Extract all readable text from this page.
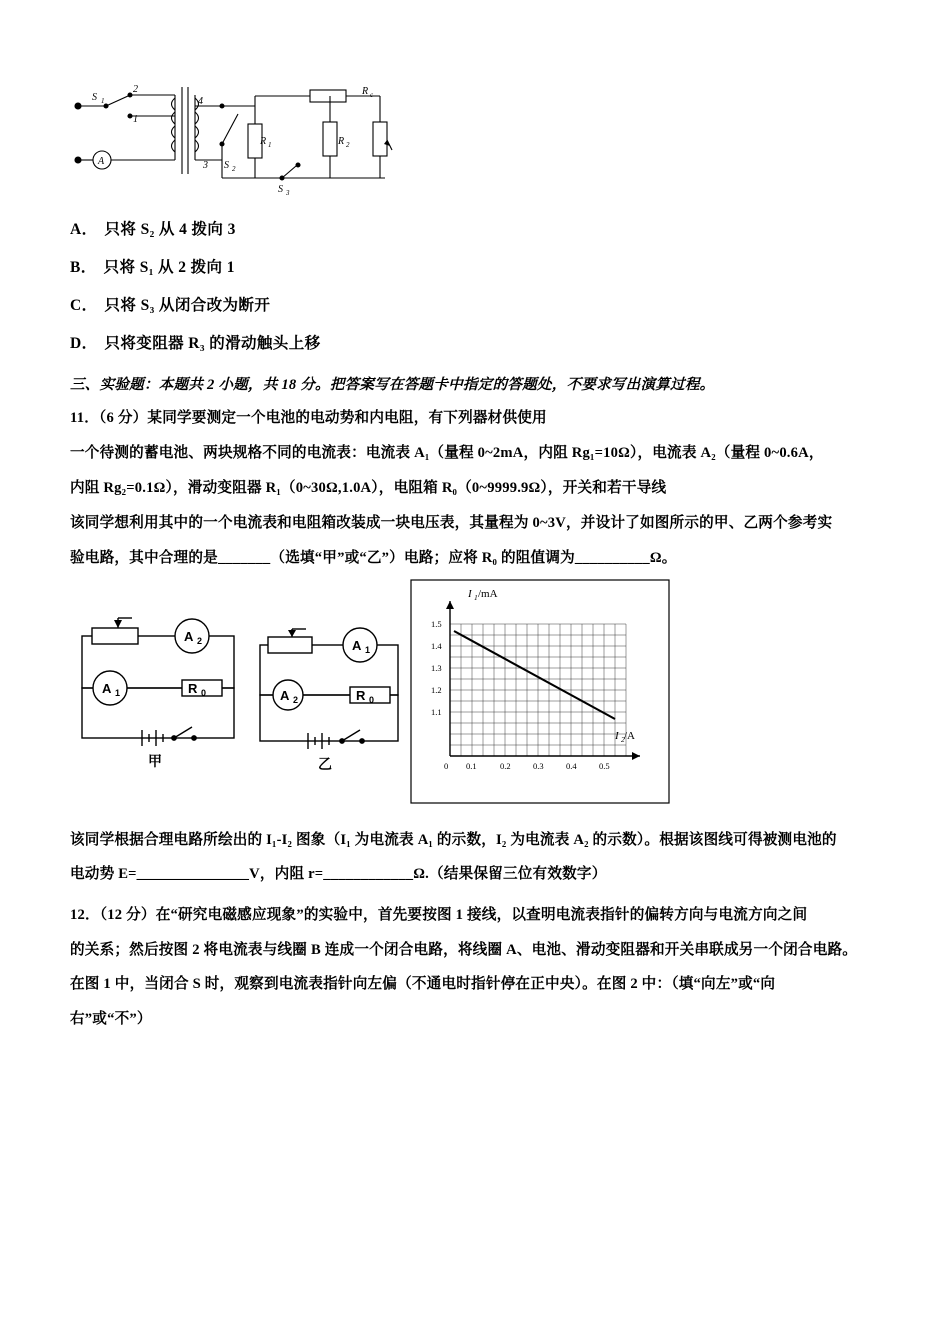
S 1
2
1
4
3 S 2
R 1	R 2
R c
S 3
A
A． 只将 S₂ 从 4 拨向 3
B． 只将 S₁ 从 2 拨向 1
C． 只将 S₃ 从闭合改为断开
D． 只将变阻器 R₃ 的滑动触头上移
三、实验题：本题共 2 小题，共 18 分。把答案写在答题卡中指定的答题处，不要求写出演算过程。
11．（6 分）某同学要测定一个电池的电动势和内电阻，有下列器材供使用
一个待测的蓄电池、两块规格不同的电流表：电流表 A₁（量程 0~2mA，内阻 Rg₁=10Ω），电流表 A₂（量程 0~0.6A，
内阻 Rg₂=0.1Ω），滑动变阻器 R₁（0~30Ω,1.0A），电阻箱 R₀（0~9999.9Ω），开关和若干导线
该同学想利用其中的一个电流表和电阻箱改装成一块电压表，其量程为 0~3V，并设计了如图所示的甲、乙两个参考实
验电路，其中合理的是_______（选填“甲”或“乙”）电路；应将 R₀ 的阻值调为__________Ω。
A 2
A 1	R 0
甲
A 1
A 2	R 0
乙
1.5
1.4
1.3
1.2
1.1
0 0.1	0.2	0.3	0.4	0.5
I 1 /mA
I 2 /A
该同学根据合理电路所绘出的 I₁-I₂ 图象（I₁ 为电流表 A₁ 的示数，I₂ 为电流表 A₂ 的示数）。根据该图线可得被测电池的
电动势 E=_______________V，内阻 r=____________Ω.（结果保留三位有效数字）
12．（12 分）在“研究电磁感应现象”的实验中，首先要按图 1 接线，以查明电流表指针的偏转方向与电流方向之间
的关系；然后按图 2 将电流表与线圈 B 连成一个闭合电路，将线圈 A、电池、滑动变阻器和开关串联成另一个闭合电路。
在图 1 中，当闭合 S 时，观察到电流表指针向左偏（不通电时指针停在正中央）。在图 2 中：（填“向左”或“向
右”或“不”）
